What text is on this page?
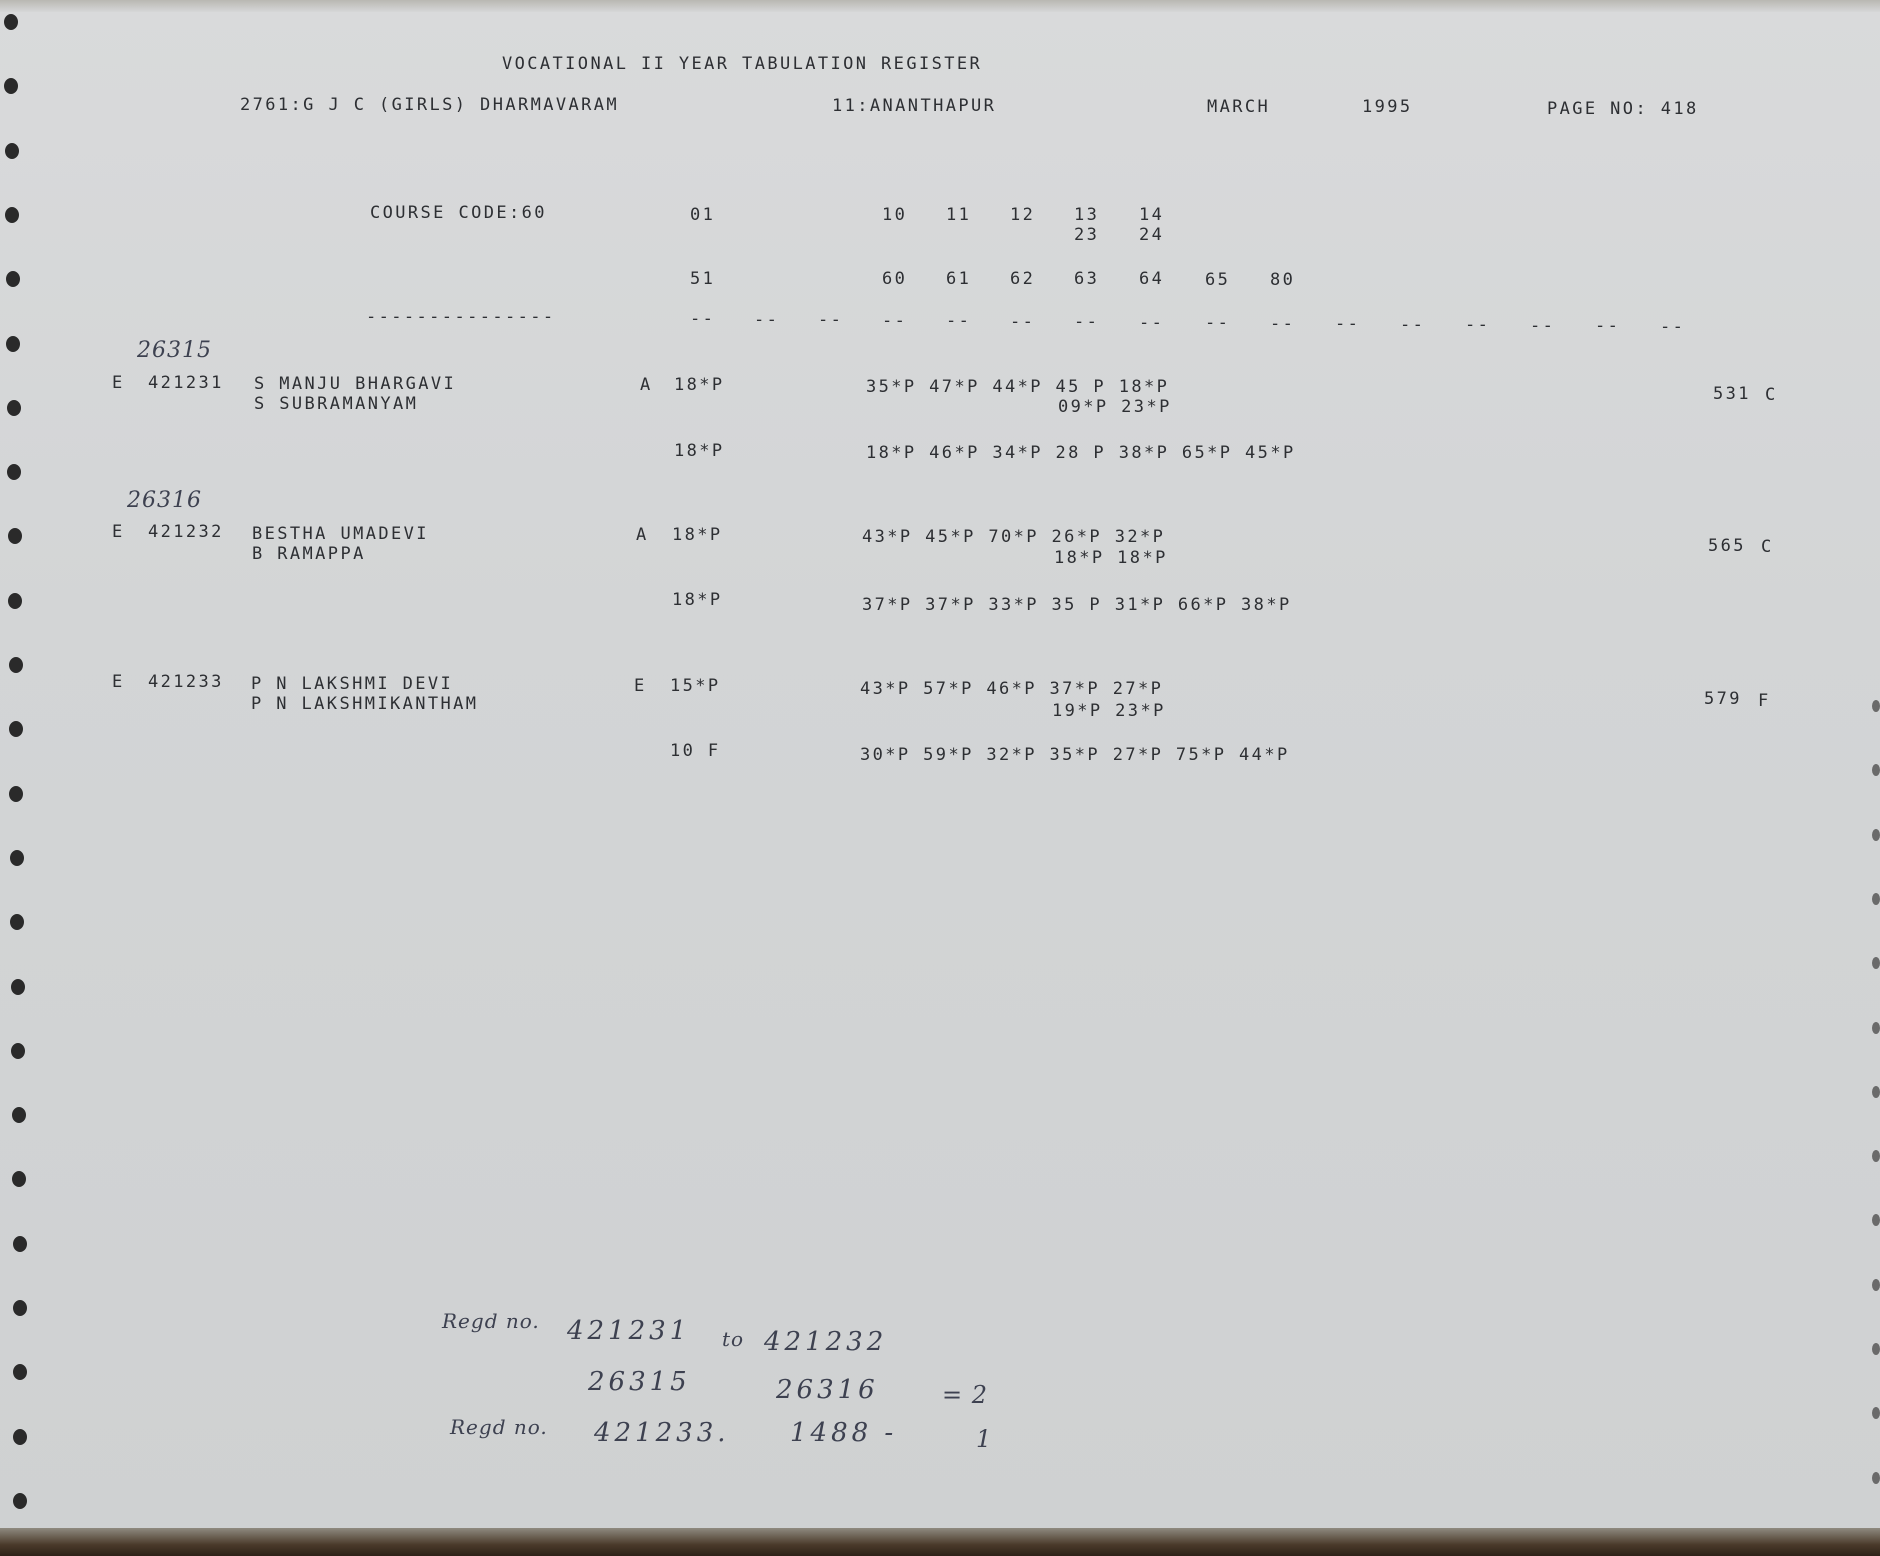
VOCATIONAL II YEAR TABULATION REGISTER
2761:G J C (GIRLS) DHARMAVARAM	11:ANANTHAPUR	MARCH	1995	PAGE NO: 418
COURSE CODE:60	01	10 11 12 13 14
23 24
51	60 61 62 63 64 65 80
---------------	-- -- -- -- -- -- -- -- -- -- -- -- -- -- -- --
26315
E 421231 S MANJU BHARGAVI
S SUBRAMANYAM
A 18*P	35*P 47*P 44*P 45 P 18*P
09*P 23*P
531 C
18*P	18*P 46*P 34*P 28 P 38*P 65*P 45*P
26316
E 421232 BESTHA UMADEVI
B RAMAPPA
A 18*P	43*P 45*P 70*P 26*P 32*P
18*P 18*P
565 C
18*P	37*P 37*P 33*P 35 P 31*P 66*P 38*P
E 421233 P N LAKSHMI DEVI
P N LAKSHMIKANTHAM
E 15*P	43*P 57*P 46*P 37*P 27*P
19*P 23*P
579 F
10 F	30*P 59*P 32*P 35*P 27*P 75*P 44*P
Regd no. 421231 to 421232
26315	26316	= 2
Regd no. 421233. 1488 -	1
